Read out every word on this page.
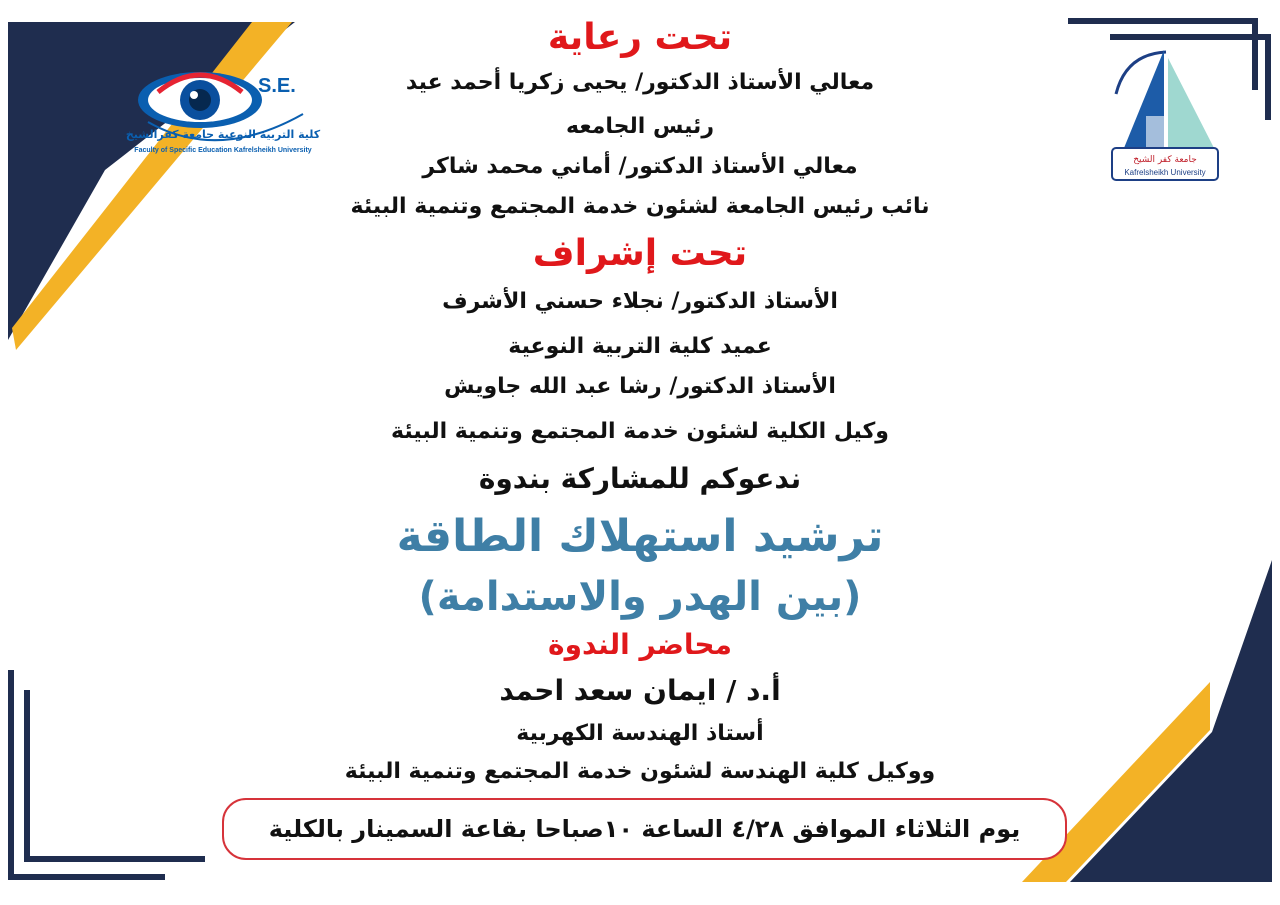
S.E.
كلية التربية النوعية جامعة كفرالشيخ
Faculty of Specific Education Kafrelsheikh University
جامعة كفر الشيخ
Kafrelsheikh University
تحت رعاية
معالي الأستاذ الدكتور/ يحيى زكريا أحمد عيد
رئيس الجامعه
معالي الأستاذ الدكتور/ أماني محمد شاكر
نائب رئيس الجامعة لشئون خدمة المجتمع وتنمية البيئة
تحت إشراف
الأستاذ الدكتور/ نجلاء حسني الأشرف
عميد كلية التربية النوعية
الأستاذ الدكتور/ رشا عبد الله جاويش
وكيل الكلية لشئون خدمة المجتمع وتنمية البيئة
ندعوكم للمشاركة بندوة
ترشيد استهلاك الطاقة
(بين الهدر والاستدامة)
محاضر الندوة
أ.د / ايمان سعد احمد
أستاذ الهندسة الكهربية
ووكيل كلية الهندسة لشئون خدمة المجتمع وتنمية البيئة
يوم الثلاثاء الموافق ٤/٢٨ الساعة ١٠صباحا بقاعة السمينار بالكلية
